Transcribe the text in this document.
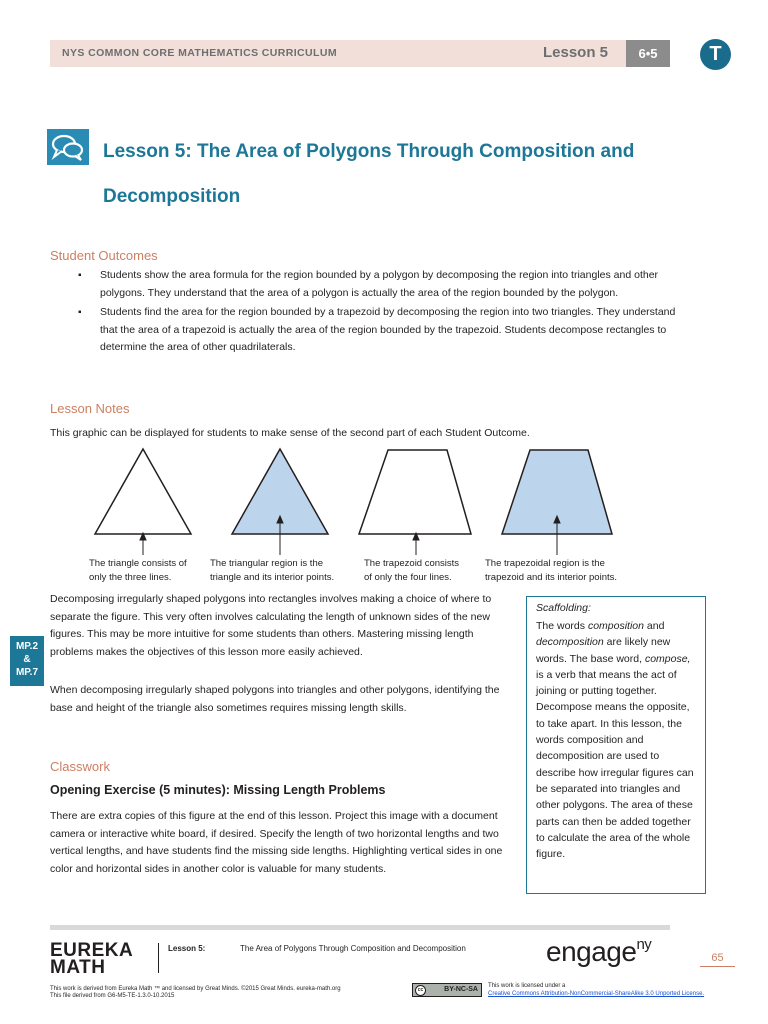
NYS COMMON CORE MATHEMATICS CURRICULUM	Lesson 5	6•5	T
Lesson 5: The Area of Polygons Through Composition and
Decomposition
Student Outcomes
▪ Students show the area formula for the region bounded by a polygon by decomposing the region into triangles and other polygons. They understand that the area of a polygon is actually the area of the region bounded by the polygon.
▪ Students find the area for the region bounded by a trapezoid by decomposing the region into two triangles. They understand that the area of a trapezoid is actually the area of the region bounded by the trapezoid. Students decompose rectangles to determine the area of other quadrilaterals.
Lesson Notes
This graphic can be displayed for students to make sense of the second part of each Student Outcome.
The triangle consists of
only the three lines.
The triangular region is the
triangle and its interior points.
The trapezoid consists
of only the four lines.
The trapezoidal region is the
trapezoid and its interior points.
Decomposing irregularly shaped polygons into rectangles involves making a choice of where to separate the figure. This very often involves calculating the length of unknown sides of the new figures. This may be more intuitive for some students than others. Mastering missing length problems makes the objectives of this lesson more easily achieved.
When decomposing irregularly shaped polygons into triangles and other polygons, identifying the base and height of the triangle also sometimes requires missing length skills.
MP.2
&
MP.7
Scaffolding:

The words composition and decomposition are likely new words. The base word, compose, is a verb that means the act of joining or putting together. Decompose means the opposite, to take apart. In this lesson, the words composition and decomposition are used to describe how irregular figures can be separated into triangles and other polygons. The area of these parts can then be added together to calculate the area of the whole figure.

Classwork
Opening Exercise (5 minutes): Missing Length Problems
There are extra copies of this figure at the end of this lesson. Project this image with a document camera or interactive white board, if desired. Specify the length of two horizontal lengths and two vertical lengths, and have students find the missing side lengths. Highlighting vertical sides in one color and horizontal sides in another color is valuable for many students.
EUREKA
MATH
Lesson 5:	The Area of Polygons Through Composition and Decomposition	engage$^{ny}$
65
This work is derived from Eureka Math ™ and licensed by Great Minds. ©2015 Great Minds. eureka-math.org
This file derived from G6-M5-TE-1.3.0-10.2015
cc	BY-NC-SA	This work is licensed under a
Creative Commons Attribution-NonCommercial-ShareAlike 3.0 Unported License.
